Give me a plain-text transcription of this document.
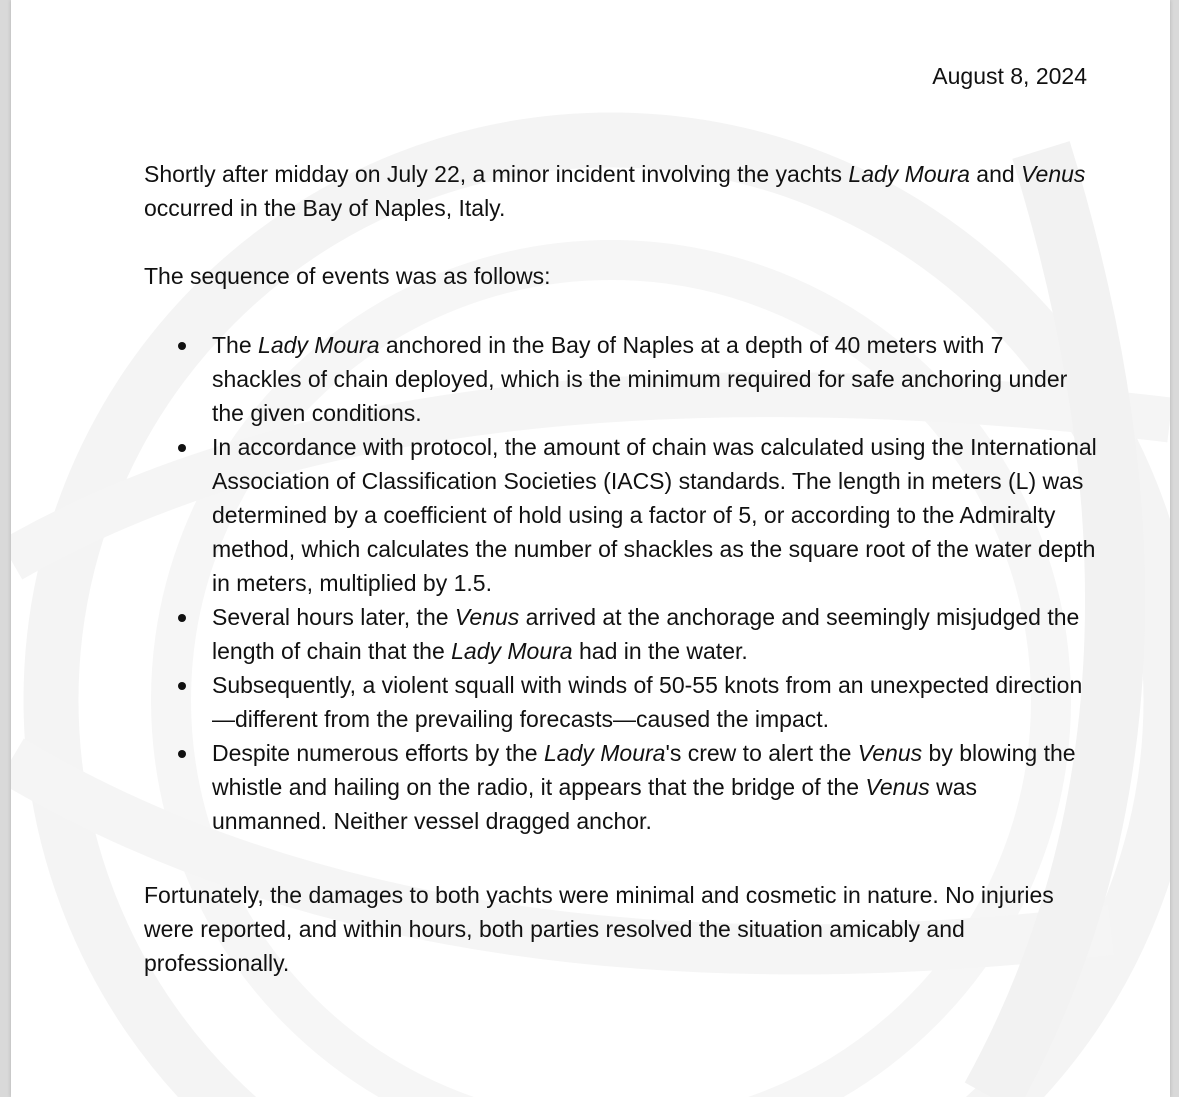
August 8, 2024

Shortly after midday on July 22, a minor incident involving the yachts Lady Moura and Venus occurred in the Bay of Naples, Italy.

The sequence of events was as follows:

The Lady Moura anchored in the Bay of Naples at a depth of 40 meters with 7 shackles of chain deployed, which is the minimum required for safe anchoring under the given conditions.
In accordance with protocol, the amount of chain was calculated using the International Association of Classification Societies (IACS) standards. The length in meters (L) was determined by a coefficient of hold using a factor of 5, or according to the Admiralty method, which calculates the number of shackles as the square root of the water depth in meters, multiplied by 1.5.
Several hours later, the Venus arrived at the anchorage and seemingly misjudged the length of chain that the Lady Moura had in the water.
Subsequently, a violent squall with winds of 50-55 knots from an unexpected direction—different from the prevailing forecasts—caused the impact.
Despite numerous efforts by the Lady Moura's crew to alert the Venus by blowing the whistle and hailing on the radio, it appears that the bridge of the Venus was unmanned. Neither vessel dragged anchor.

Fortunately, the damages to both yachts were minimal and cosmetic in nature. No injuries were reported, and within hours, both parties resolved the situation amicably and professionally.
